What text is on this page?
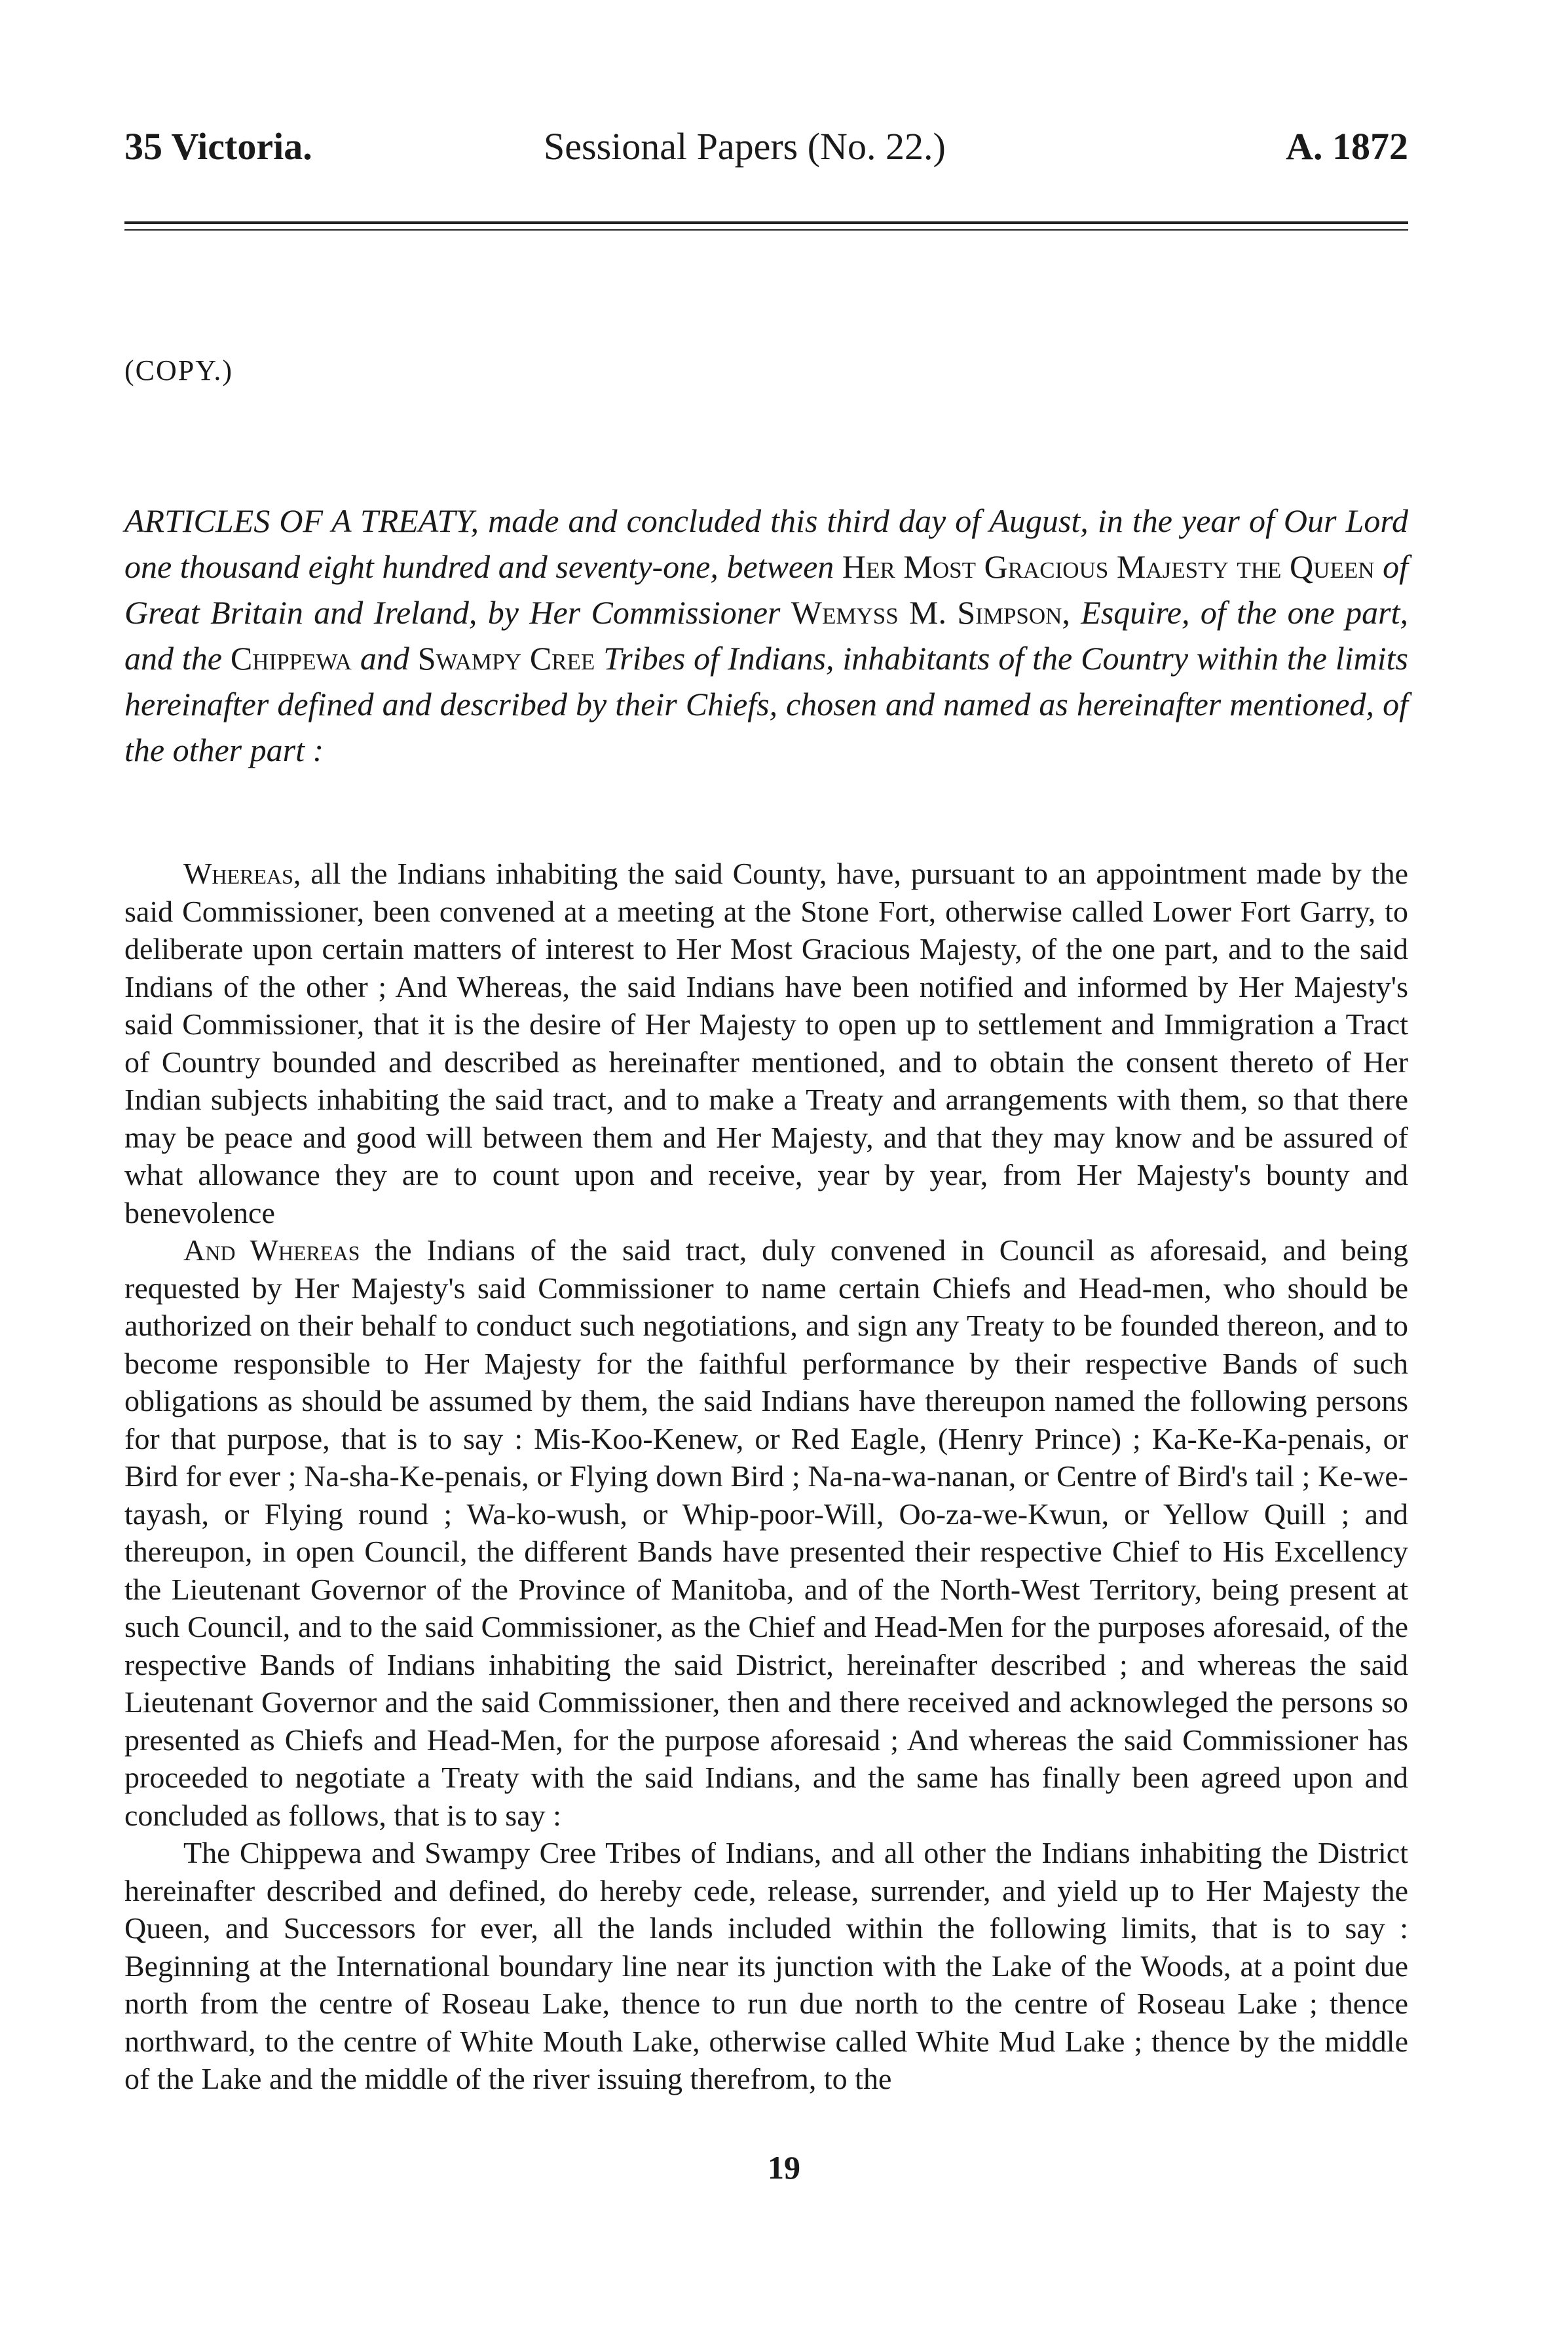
35 Victoria.	Sessional Papers (No. 22.)	A. 1872
(COPY.)
ARTICLES OF A TREATY, made and concluded this third day of August, in the year of Our Lord one thousand eight hundred and seventy-one, between Her Most Gracious Majesty the Queen of Great Britain and Ireland, by Her Commissioner Wemyss M. Simpson, Esquire, of the one part, and the Chippewa and Swampy Cree Tribes of Indians, inhabitants of the Country within the limits hereinafter defined and described by their Chiefs, chosen and named as hereinafter mentioned, of the other part :

Whereas, all the Indians inhabiting the said County, have, pursuant to an appointment made by the said Commissioner, been convened at a meeting at the Stone Fort, otherwise called Lower Fort Garry, to deliberate upon certain matters of interest to Her Most Gracious Majesty, of the one part, and to the said Indians of the other ; And Whereas, the said Indians have been notified and informed by Her Majesty's said Commissioner, that it is the desire of Her Majesty to open up to settlement and Immigration a Tract of Country bounded and described as hereinafter mentioned, and to obtain the consent thereto of Her Indian subjects inhabiting the said tract, and to make a Treaty and arrangements with them, so that there may be peace and good will between them and Her Majesty, and that they may know and be assured of what allowance they are to count upon and receive, year by year, from Her Majesty's bounty and benevolence

And Whereas the Indians of the said tract, duly convened in Council as aforesaid, and being requested by Her Majesty's said Commissioner to name certain Chiefs and Head-men, who should be authorized on their behalf to conduct such negotiations, and sign any Treaty to be founded thereon, and to become responsible to Her Majesty for the faithful performance by their respective Bands of such obligations as should be assumed by them, the said Indians have thereupon named the following persons for that purpose, that is to say : Mis-Koo-Kenew, or Red Eagle, (Henry Prince) ; Ka-Ke-Ka-penais, or Bird for ever ; Na-sha-Ke-penais, or Flying down Bird ; Na-na-wa-nanan, or Centre of Bird's tail ; Ke-we-tayash, or Flying round ; Wa-ko-wush, or Whip-poor-Will, Oo-za-we-Kwun, or Yellow Quill ; and thereupon, in open Council, the different Bands have presented their respective Chief to His Excellency the Lieutenant Governor of the Province of Manitoba, and of the North-West Territory, being present at such Council, and to the said Commissioner, as the Chief and Head-Men for the purposes aforesaid, of the respective Bands of Indians inhabiting the said District, hereinafter described ; and whereas the said Lieutenant Governor and the said Commissioner, then and there received and acknowleged the persons so presented as Chiefs and Head-Men, for the purpose aforesaid ; And whereas the said Commissioner has proceeded to negotiate a Treaty with the said Indians, and the same has finally been agreed upon and concluded as follows, that is to say :

The Chippewa and Swampy Cree Tribes of Indians, and all other the Indians inhabiting the District hereinafter described and defined, do hereby cede, release, surrender, and yield up to Her Majesty the Queen, and Successors for ever, all the lands included within the following limits, that is to say : Beginning at the International boundary line near its junction with the Lake of the Woods, at a point due north from the centre of Roseau Lake, thence to run due north to the centre of Roseau Lake ; thence northward, to the centre of White Mouth Lake, otherwise called White Mud Lake ; thence by the middle of the Lake and the middle of the river issuing therefrom, to the

19
